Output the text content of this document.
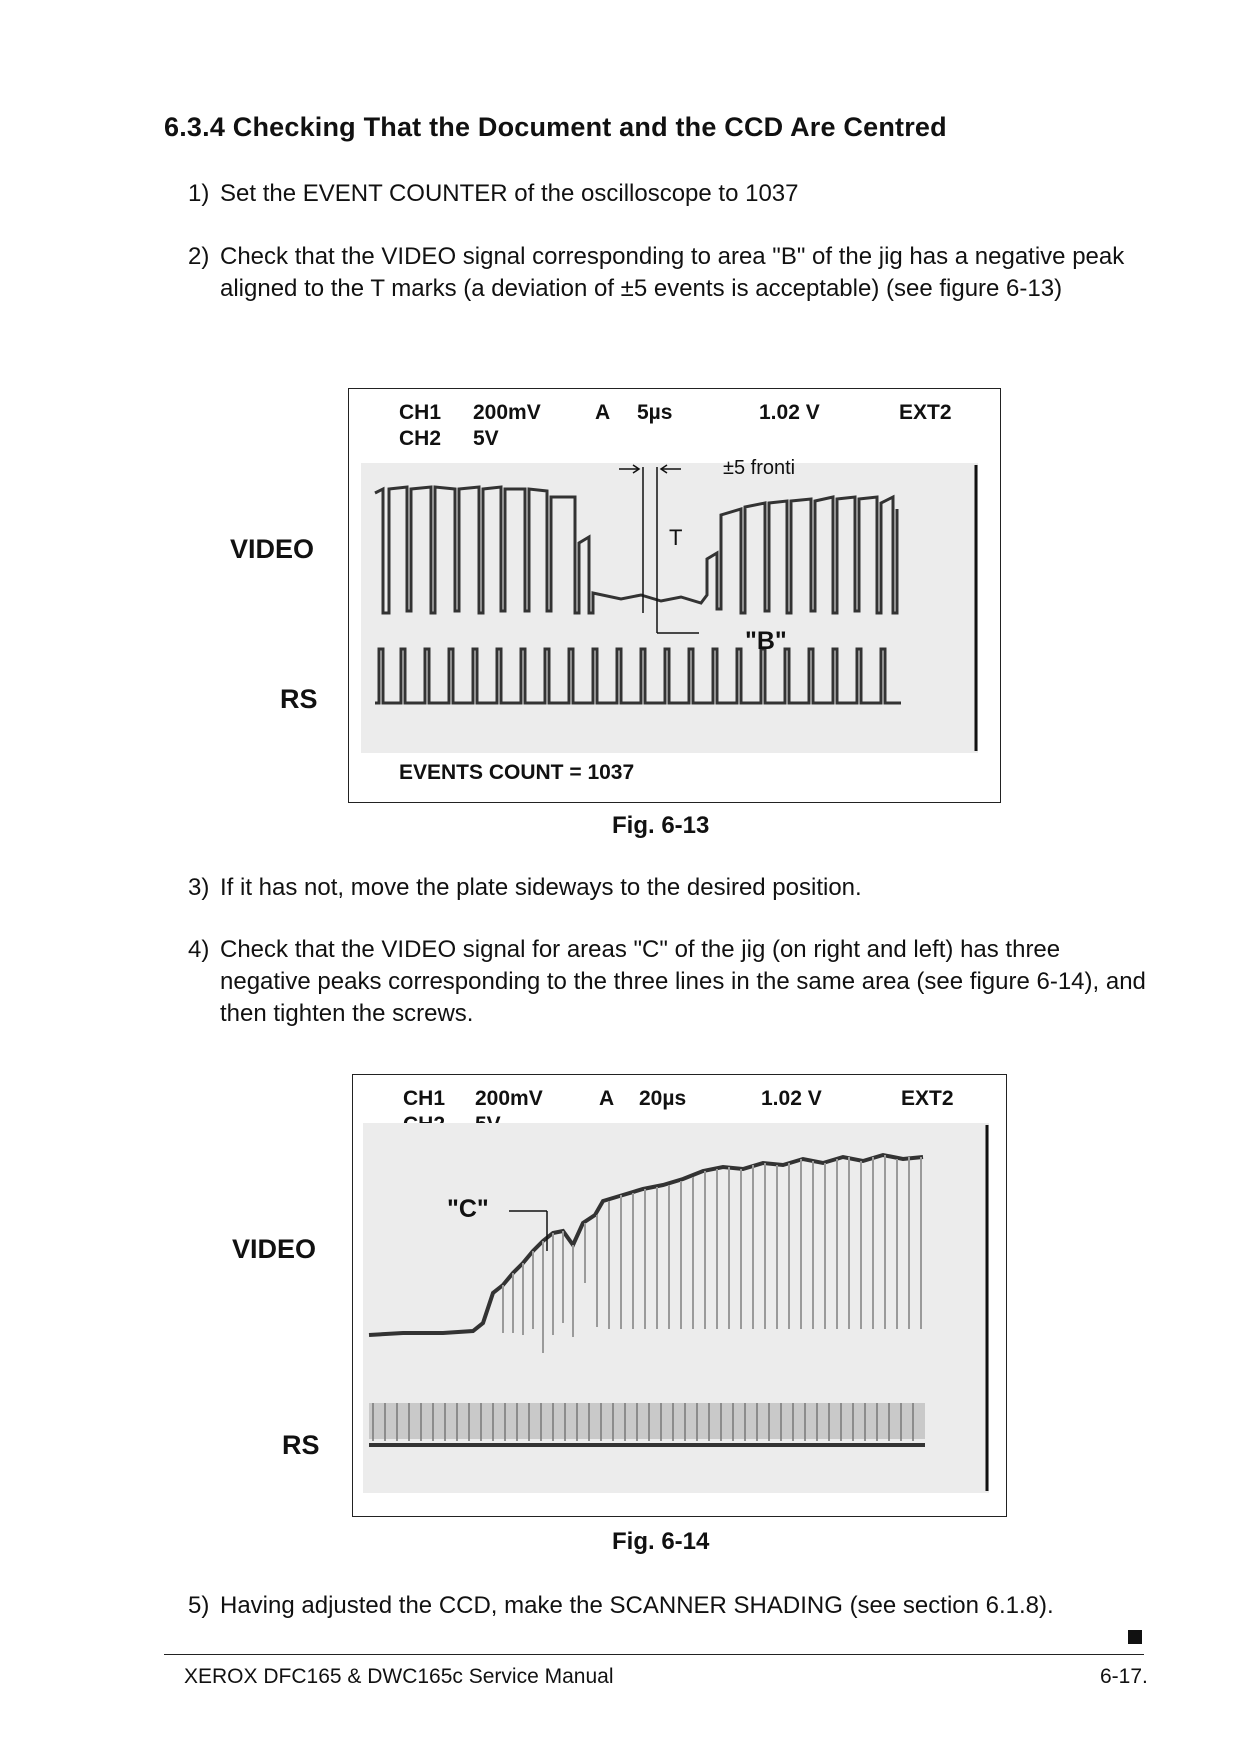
6.3.4 Checking That the Document and the CCD Are Centred
1) Set the EVENT COUNTER of the oscilloscope to 1037
2) Check that the VIDEO signal corresponding to area "B" of the jig has a negative peak aligned to the T marks (a deviation of ±5 events is acceptable) (see figure 6-13)
VIDEO
RS
CH1 200mV	A 5µs	1.02 V	EXT2
CH2 5V
±5 fronti
T
"B"
EVENTS COUNT = 1037
Fig. 6-13
3) If it has not, move the plate sideways to the desired position.
4) Check that the VIDEO signal for areas "C" of the jig (on right and left) has three negative peaks corresponding to the three lines in the same area (see figure 6-14), and then tighten the screws.
VIDEO
RS
CH1 200mV	A 20µs	1.02 V	EXT2
"C"
Fig. 6-14
5) Having adjusted the CCD, make the SCANNER SHADING (see section 6.1.8).
XEROX DFC165 & DWC165c Service Manual	6-17.
